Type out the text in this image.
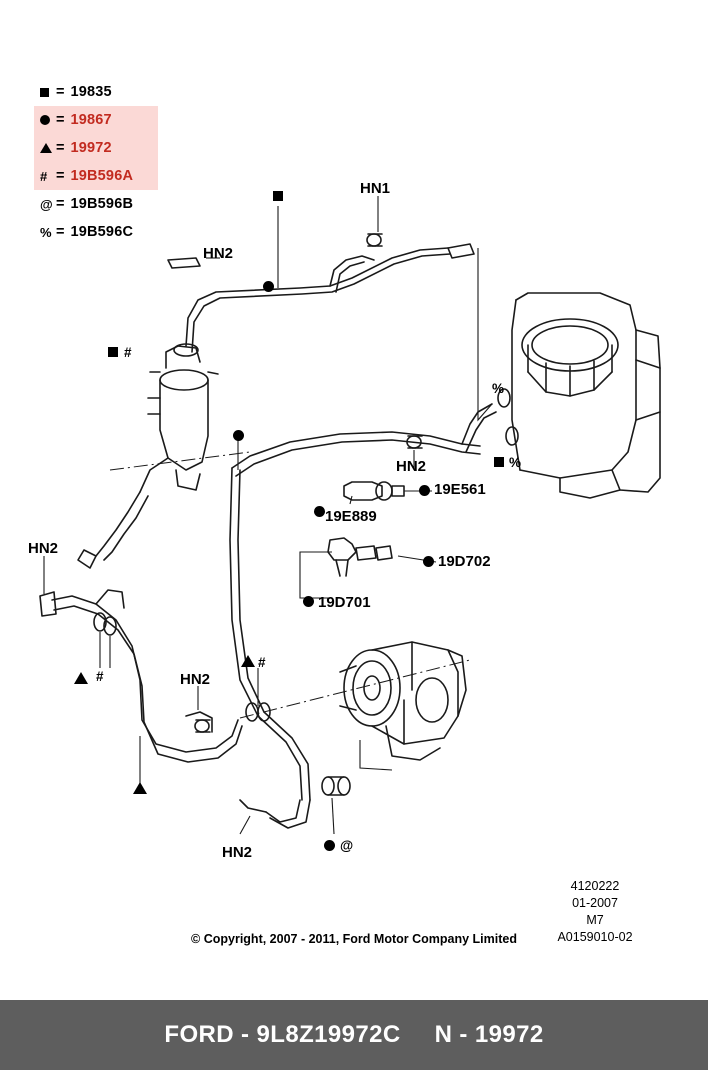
= 19835
= 19867
= 19972
# = 19B596A
@ = 19B596B
% = 19B596C
HN1
HN2
HN2
HN2
HN2
HN2
19E561
19E889
19D702
19D701
#
#
#
%
%
@
4120222
01-2007
M7
A0159010-02
© Copyright, 2007 - 2011, Ford Motor Company Limited
FORD - 9L8Z19972C N - 19972
